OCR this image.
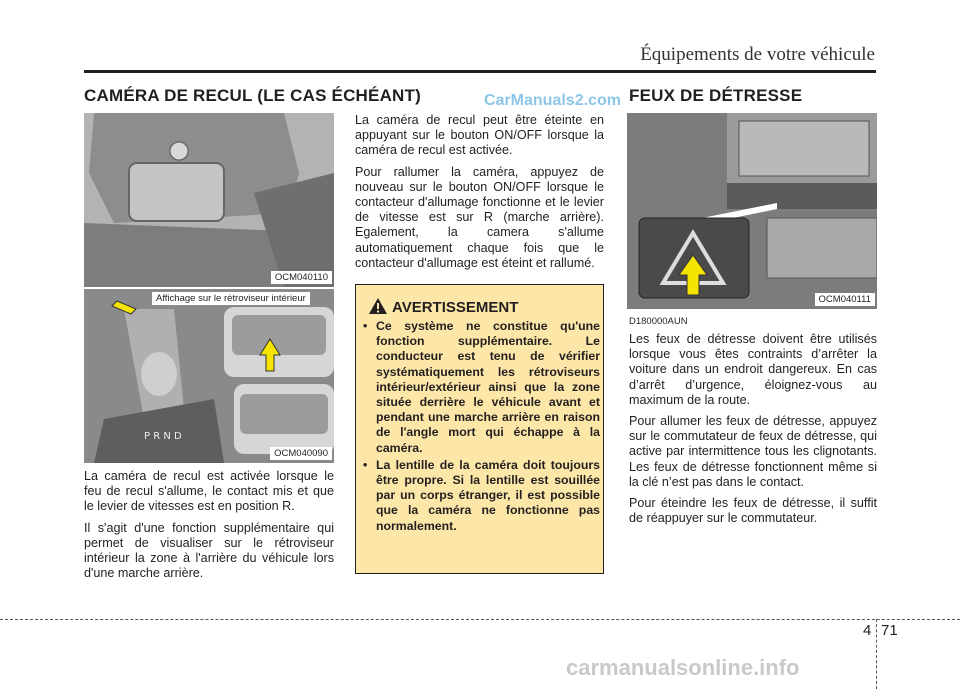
Équipements de votre véhicule
CAMÉRA DE RECUL (LE CAS ÉCHÉANT)	CarManuals2.com FEUX DE DÉTRESSE
OCM040110
P R N D
Affichage sur le rétroviseur intérieur
OCM040090

La caméra de recul est activée lorsque le feu de recul s'allume, le contact mis et que le levier de vitesses est en position R.

Il s'agit d'une fonction supplémentaire qui permet de visualiser sur le rétroviseur intérieur la zone à l'arrière du véhicule lors d'une marche arrière.

La caméra de recul peut être éteinte en appuyant sur le bouton ON/OFF lorsque la caméra de recul est activée.

Pour rallumer la caméra, appuyez de nouveau sur le bouton ON/OFF lorsque le contacteur d'allumage fonctionne et le levier de vitesse est sur R (marche arrière). Egalement, la camera s'allume automatiquement chaque fois que le contacteur d'allumage est éteint et rallumé.

AVERTISSEMENT
• Ce système ne constitue qu'une fonction supplémentaire. Le conducteur est tenu de vérifier systématiquement les rétroviseurs intérieur/extérieur ainsi que la zone située derrière le véhicule avant et pendant une marche arrière en raison de l'angle mort qui échappe à la caméra.
• La lentille de la caméra doit toujours être propre. Si la lentille est souillée par un corps étranger, il est possible que la caméra ne fonctionne pas normalement.
OCM040111
D180000AUN

Les feux de détresse doivent être utilisés lorsque vous êtes contraints d’arrêter la voiture dans un endroit dangereux. En cas d’arrêt d’urgence, éloignez-vous au maximum de la route.

Pour allumer les feux de détresse, appuyez sur le commutateur de feux de détresse, qui active par intermittence tous les clignotants. Les feux de détresse fonctionnent même si la clé n’est pas dans le contact.

Pour éteindre les feux de détresse, il suffit de réappuyer sur le commutateur.

4 71
carmanualsonline.info
